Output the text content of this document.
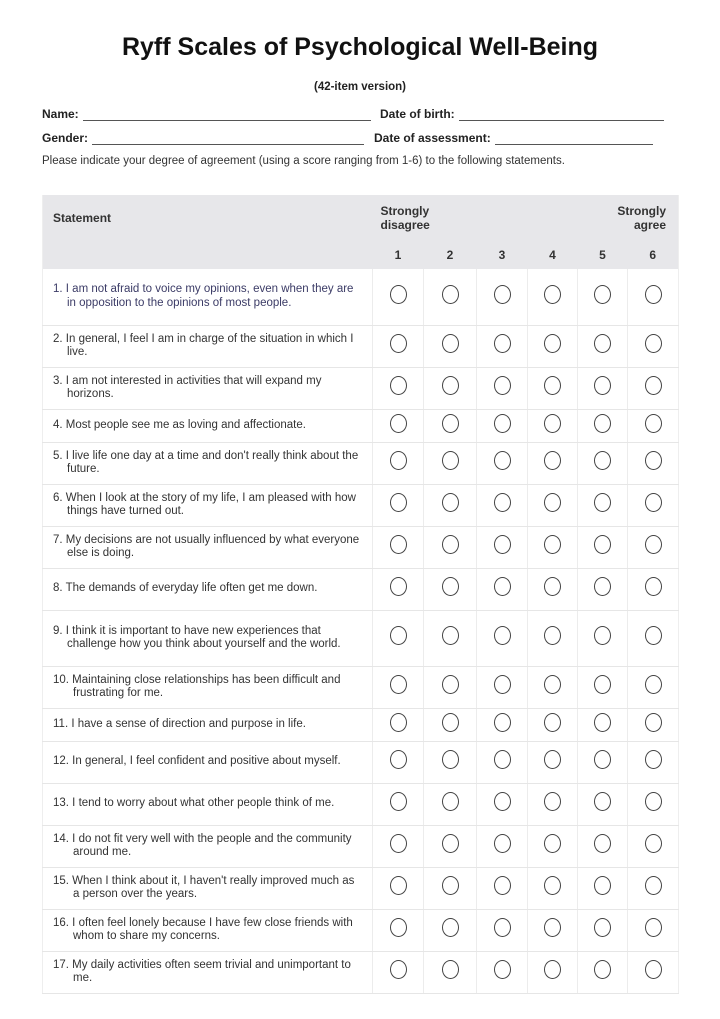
Ryff Scales of Psychological Well-Being
(42-item version)
Name:	Date of birth:
Gender:	Date of assessment:
Please indicate your degree of agreement (using a score ranging from 1-6) to the following statements.
Statement	Strongly disagree				Strongly agree	
	1	2	3	4	5	6

1. I am not afraid to voice my opinions, even when they are in opposition to the opinions of most people.						

2. In general, I feel I am in charge of the situation in which I live.						

3. I am not interested in activities that will expand my horizons.						

4. Most people see me as loving and affectionate.						

5. I live life one day at a time and don't really think about the future.						

6. When I look at the story of my life, I am pleased with how things have turned out.						

7. My decisions are not usually influenced by what everyone else is doing.						

8. The demands of everyday life often get me down.						

9. I think it is important to have new experiences that challenge how you think about yourself and the world.						

10. Maintaining close relationships has been difficult and frustrating for me.						

11. I have a sense of direction and purpose in life.						

12. In general, I feel confident and positive about myself.						

13. I tend to worry about what other people think of me.						

14. I do not fit very well with the people and the community around me.						

15. When I think about it, I haven't really improved much as a person over the years.						

16. I often feel lonely because I have few close friends with whom to share my concerns.						

17. My daily activities often seem trivial and unimportant to me.						
